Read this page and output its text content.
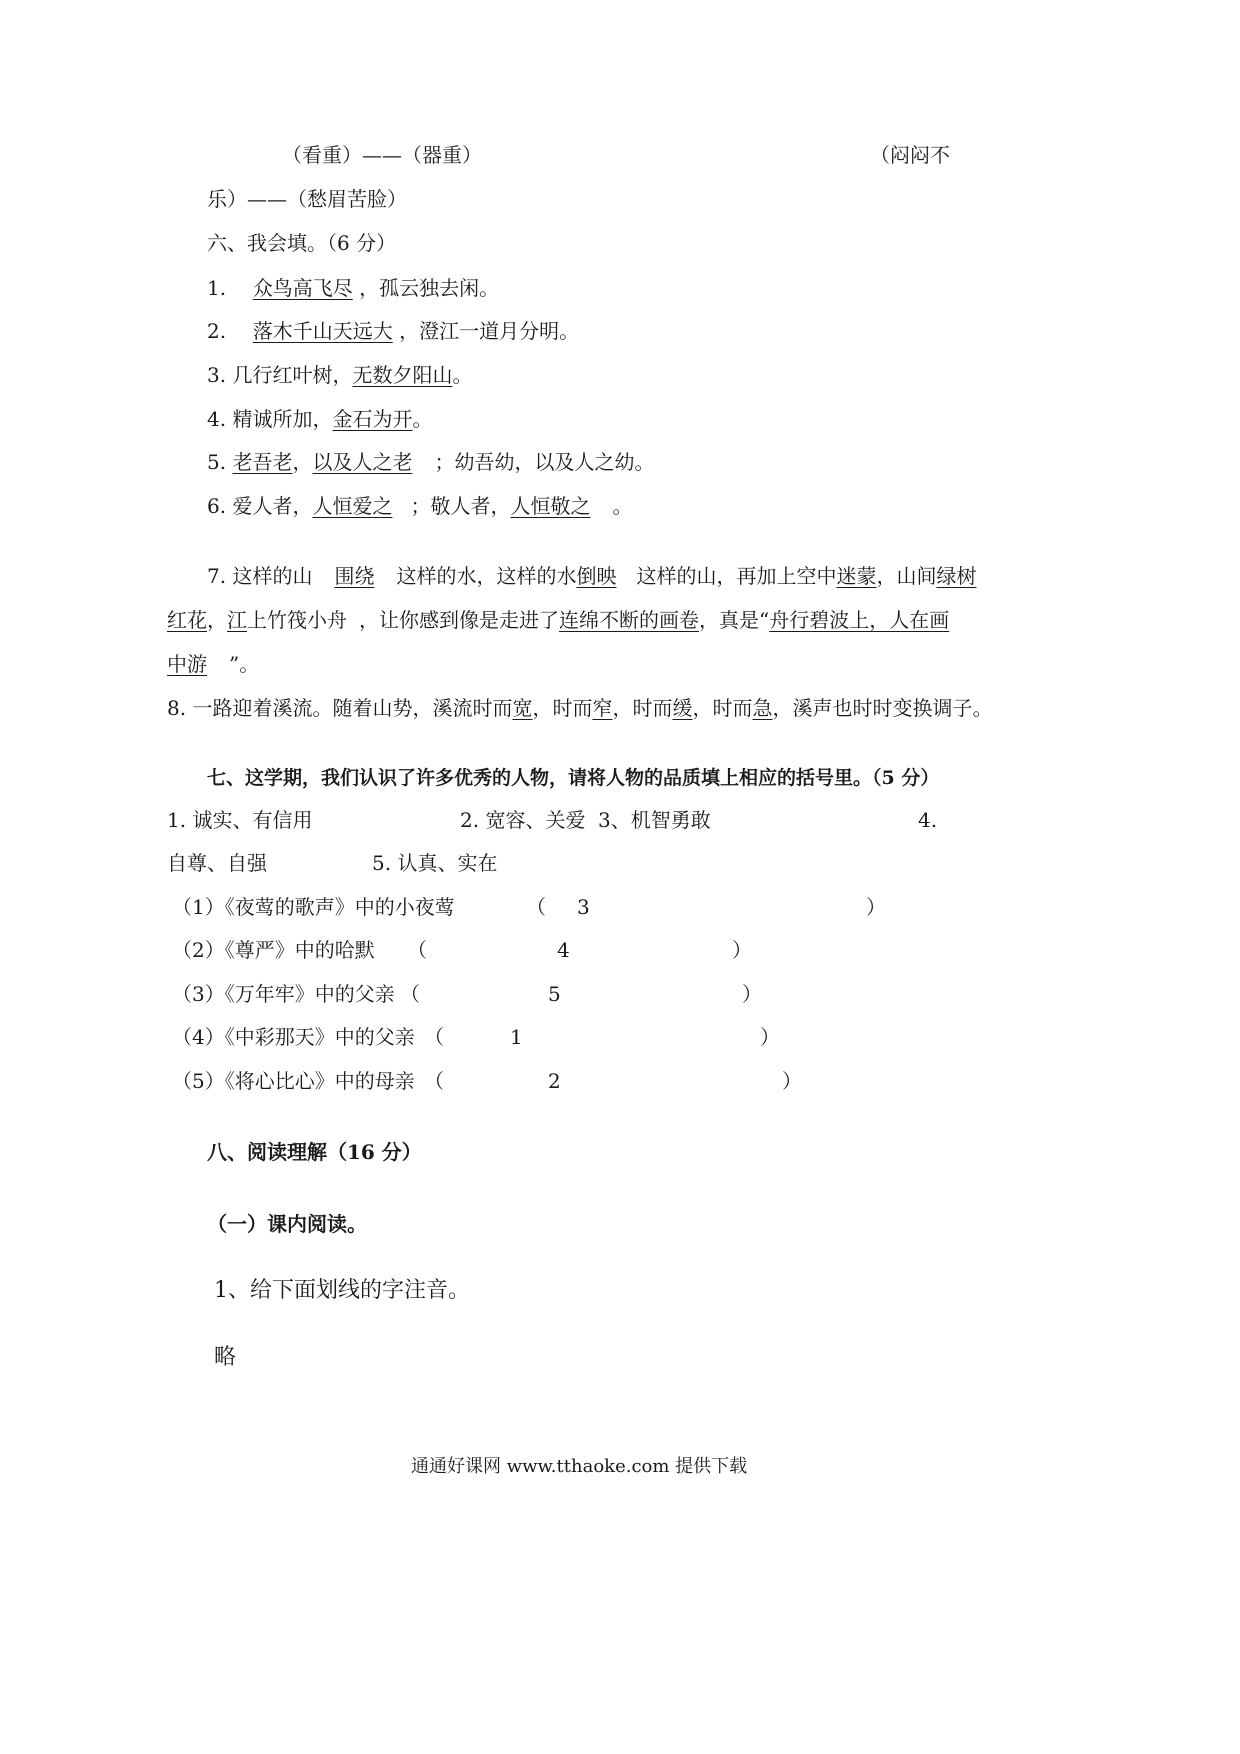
（看重）——（器重）	（闷闷不
乐）——（愁眉苦脸）
六、我会填。（6 分）
1. 众鸟高飞尽 ，孤云独去闲。
2. 落木千山天远大 ，澄江一道月分明。
3. 几行红叶树，无数夕阳山。
4. 精诚所加，金石为开。
5. 老吾老，以及人之老 ；幼吾幼，以及人之幼。
6. 爱人者，人恒爱之 ；敬人者，人恒敬之 。
7. 这样的山 围绕 这样的水，这样的水倒映 这样的山，再加上空中迷蒙，山间绿树
红花，江上竹筏小舟 ，让你感到像是走进了连绵不断的画卷，真是“舟行碧波上，人在画
中游 ”。
8. 一路迎着溪流。随着山势，溪流时而宽，时而窄，时而缓，时而急，溪声也时时变换调子。
七、这学期，我们认识了许多优秀的人物，请将人物的品质填上相应的括号里。（5 分）
1. 诚实、有信用	2. 宽容、关爱 3、机智勇敢	4.
自尊、自强	5. 认真、实在
（1）《夜莺的歌声》中的小夜莺	（ 3	）
（2）《尊严》中的哈默 （	4	）
（3）《万年牢》中的父亲 （	5	）
（4）《中彩那天》中的父亲 （	1	）
（5）《将心比心》中的母亲 （	2	）
八、阅读理解（16 分）
（一）课内阅读。
1、给下面划线的字注音。
略
通通好课网 www.tthaoke.com 提供下载
